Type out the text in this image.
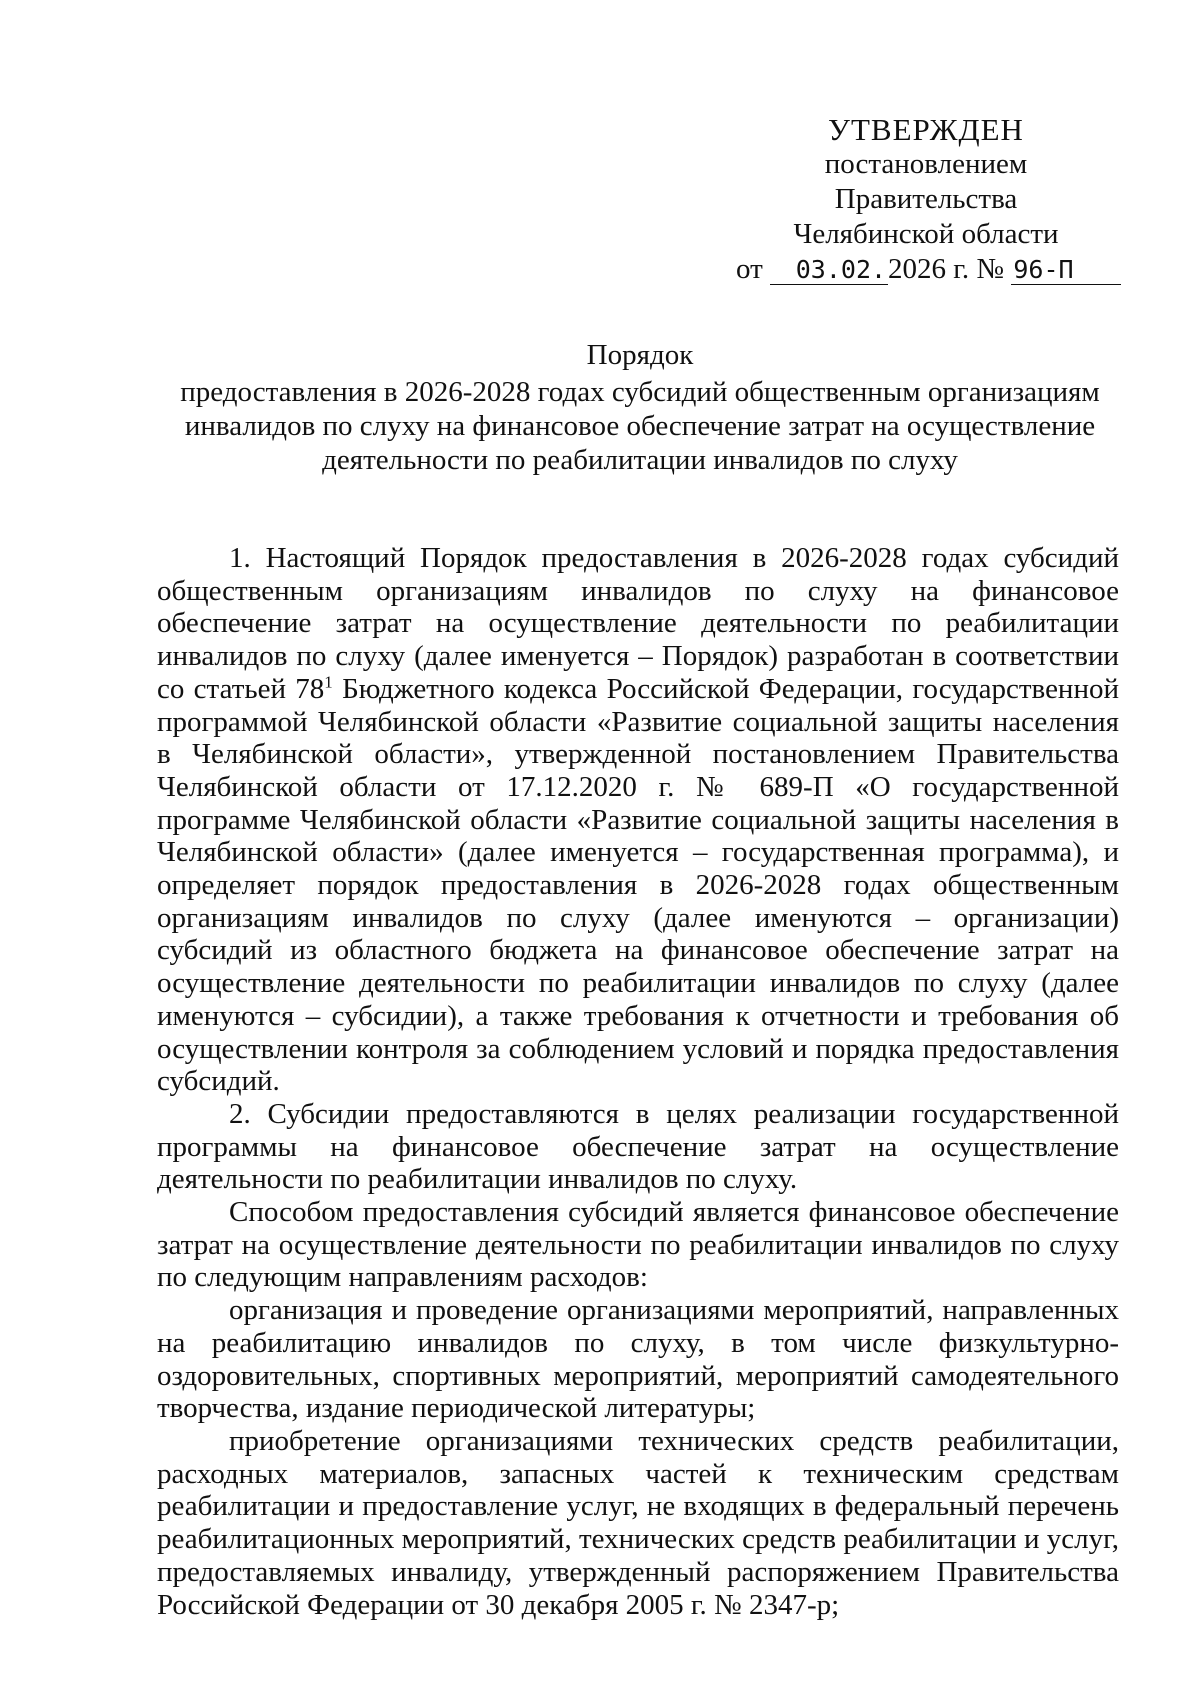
УТВЕРЖДЕН
постановлением Правительства
Челябинской области
от 03.02.2026 г. № 96-П
Порядок
предоставления в 2026-2028 годах субсидий общественным организациям инвалидов по слуху на финансовое обеспечение затрат на осуществление деятельности по реабилитации инвалидов по слуху

1. Настоящий Порядок предоставления в 2026-2028 годах субсидий общественным организациям инвалидов по слуху на финансовое обеспечение затрат на осуществление деятельности по реабилитации инвалидов по слуху (далее именуется – Порядок) разработан в соответствии со статьей $78^1$ Бюджетного кодекса Российской Федерации, государственной программой Челябинской области «Развитие социальной защиты населения в Челябинской области», утвержденной постановлением Правительства Челябинской области от 17.12.2020 г. № 689-П «О государственной программе Челябинской области «Развитие социальной защиты населения в Челябинской области» (далее именуется – государственная программа), и определяет порядок предоставления в 2026-2028 годах общественным организациям инвалидов по слуху (далее именуются – организации) субсидий из областного бюджета на финансовое обеспечение затрат на осуществление деятельности по реабилитации инвалидов по слуху (далее именуются – субсидии), а также требования к отчетности и требования об осуществлении контроля за соблюдением условий и порядка предоставления субсидий.

2. Субсидии предоставляются в целях реализации государственной программы на финансовое обеспечение затрат на осуществление деятельности по реабилитации инвалидов по слуху.

Способом предоставления субсидий является финансовое обеспечение затрат на осуществление деятельности по реабилитации инвалидов по слуху по следующим направлениям расходов:

организация и проведение организациями мероприятий, направленных на реабилитацию инвалидов по слуху, в том числе физкультурно-оздоровительных, спортивных мероприятий, мероприятий самодеятельного творчества, издание периодической литературы;

приобретение организациями технических средств реабилитации, расходных материалов, запасных частей к техническим средствам реабилитации и предоставление услуг, не входящих в федеральный перечень реабилитационных мероприятий, технических средств реабилитации и услуг, предоставляемых инвалиду, утвержденный распоряжением Правительства Российской Федерации от 30 декабря 2005 г. № 2347-р;
